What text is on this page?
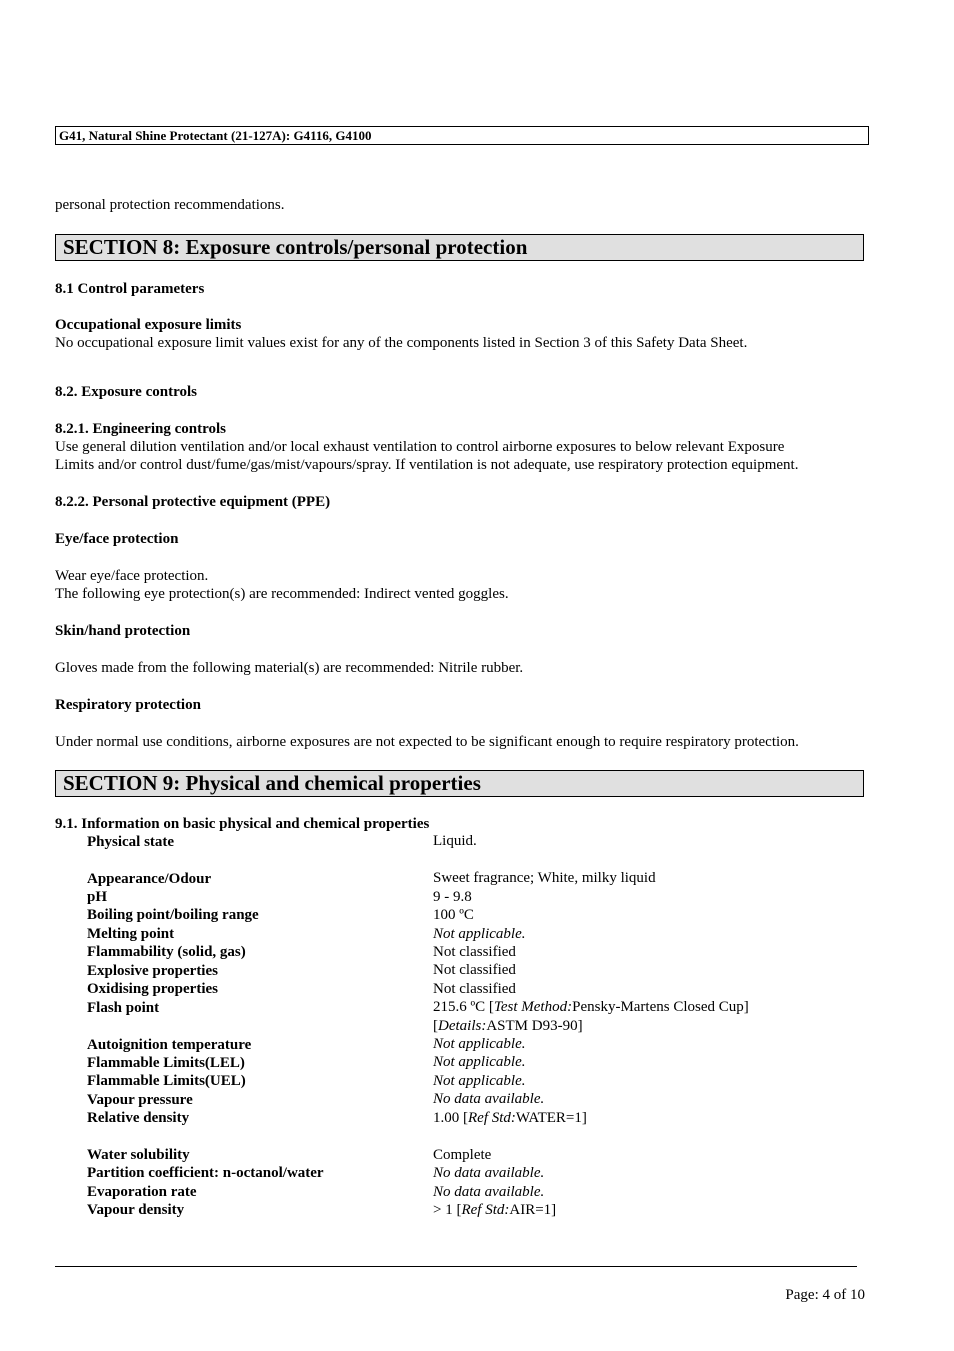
G41, Natural Shine Protectant (21-127A): G4116, G4100
personal protection recommendations.
SECTION 8: Exposure controls/personal protection
8.1 Control parameters
Occupational exposure limits
No occupational exposure limit values exist for any of the components listed in Section 3 of this Safety Data Sheet.
8.2. Exposure controls
8.2.1. Engineering controls
Use general dilution ventilation and/or local exhaust ventilation to control airborne exposures to below relevant Exposure
Limits and/or control dust/fume/gas/mist/vapours/spray. If ventilation is not adequate, use respiratory protection equipment.
8.2.2. Personal protective equipment (PPE)
Eye/face protection
Wear eye/face protection.
The following eye protection(s) are recommended: Indirect vented goggles.
Skin/hand protection
Gloves made from the following material(s) are recommended: Nitrile rubber.
Respiratory protection
Under normal use conditions, airborne exposures are not expected to be significant enough to require respiratory protection.
SECTION 9: Physical and chemical properties
9.1. Information on basic physical and chemical properties
Physical state	Liquid.
Appearance/Odour	Sweet fragrance; White, milky liquid
pH	9 - 9.8
Boiling point/boiling range	100 ºC
Melting point	Not applicable.
Flammability (solid, gas)	Not classified
Explosive properties	Not classified
Oxidising properties	Not classified
Flash point	215.6 ºC [Test Method:Pensky-Martens Closed Cup]
[Details:ASTM D93-90]
Autoignition temperature	Not applicable.
Flammable Limits(LEL)	Not applicable.
Flammable Limits(UEL)	Not applicable.
Vapour pressure	No data available.
Relative density	1.00 [Ref Std:WATER=1]
Water solubility	Complete
Partition coefficient: n-octanol/water	No data available.
Evaporation rate	No data available.
Vapour density	> 1 [Ref Std:AIR=1]
Page: 4 of 10
